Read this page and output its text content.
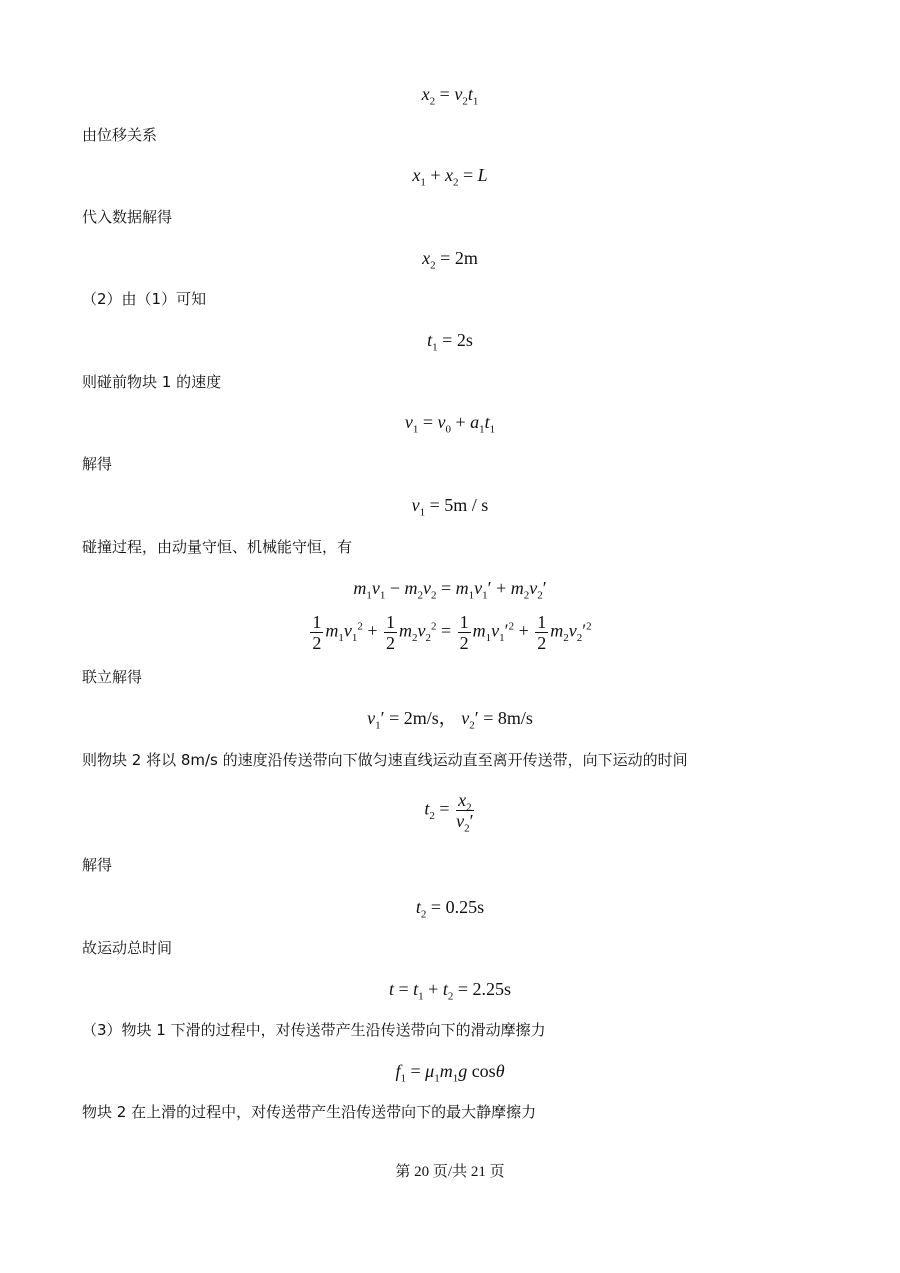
$x_2 = v_2t_1$
由位移关系
$x_1 + x_2 = L$
代入数据解得
$x_2 = 2m$
（2）由（1）可知
$t_1 = 2s$
则碰前物块 1 的速度
$v_1 = v_0 + a_1t_1$
解得
$v_1 = 5m / s$
碰撞过程，由动量守恒、机械能守恒，有
$m_1v_1 - m_2v_2 = m_1v_1' + m_2v_2'$
$\frac{1}{2} m_1v_1^2 + \frac{1}{2} m_2v_2^2 = \frac{1}{2} m_1v_1'^2 + \frac{1}{2} m_2v_2'^2$
联立解得
$v_1' = 2m/s$， $v_2' = 8m/s$
则物块 2 将以 8m/s 的速度沿传送带向下做匀速直线运动直至离开传送带，向下运动的时间
$t_2 = \frac{x_2}{v_2'}$
解得
$t_2 = 0.25s$
故运动总时间
$t = t_1 + t_2 = 2.25s$
（3）物块 1 下滑的过程中，对传送带产生沿传送带向下的滑动摩擦力
$f_1 = \mu_1m_1g$ cosθ
物块 2 在上滑的过程中，对传送带产生沿传送带向下的最大静摩擦力
第 20 页/共 21 页
